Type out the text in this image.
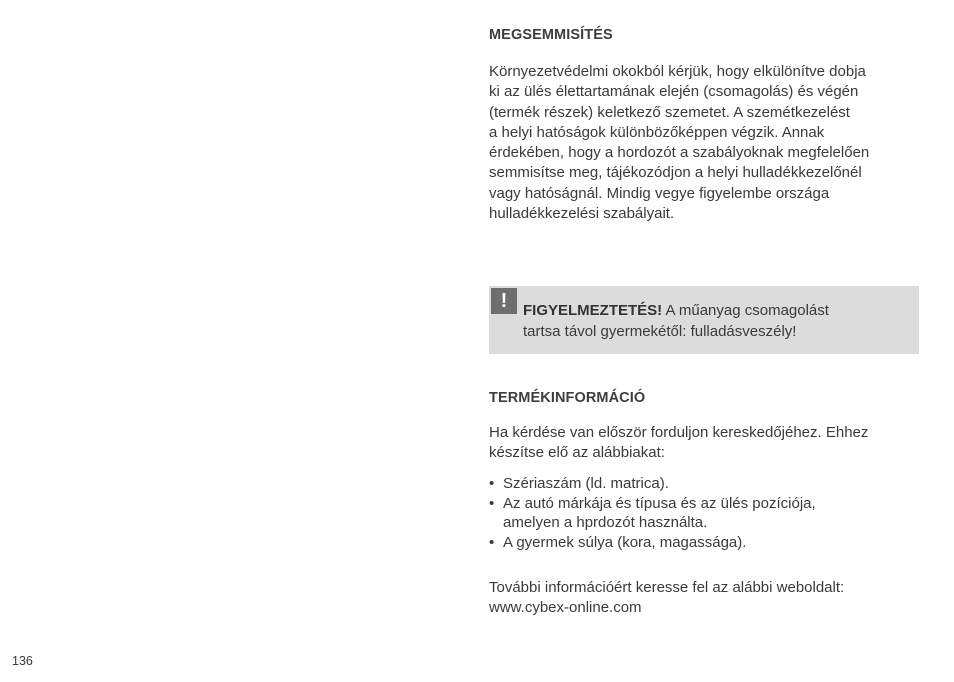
MEGSEMMISÍTÉS
Környezetvédelmi okokból kérjük, hogy elkülönítve dobja
ki az ülés élettartamának elején (csomagolás) és végén
(termék részek) keletkező szemetet. A szemétkezelést
a helyi hatóságok különbözőképpen végzik. Annak
érdekében, hogy a hordozót a szabályoknak megfelelően
semmisítse meg, tájékozódjon a helyi hulladékkezelőnél
vagy hatóságnál. Mindig vegye figyelembe országa
hulladékkezelési szabályait.
!	FIGYELMEZTETÉS! A műanyag csomagolást
tartsa távol gyermekétől: fulladásveszély!
TERMÉKINFORMÁCIÓ
Ha kérdése van először forduljon kereskedőjéhez. Ehhez
készítse elő az alábbiakat:
• Szériaszám (ld. matrica).
• Az autó márkája és típusa és az ülés pozíciója,
amelyen a hprdozót használta.
• A gyermek súlya (kora, magassága).
További információért keresse fel az alábbi weboldalt:
www.cybex-online.com
136
